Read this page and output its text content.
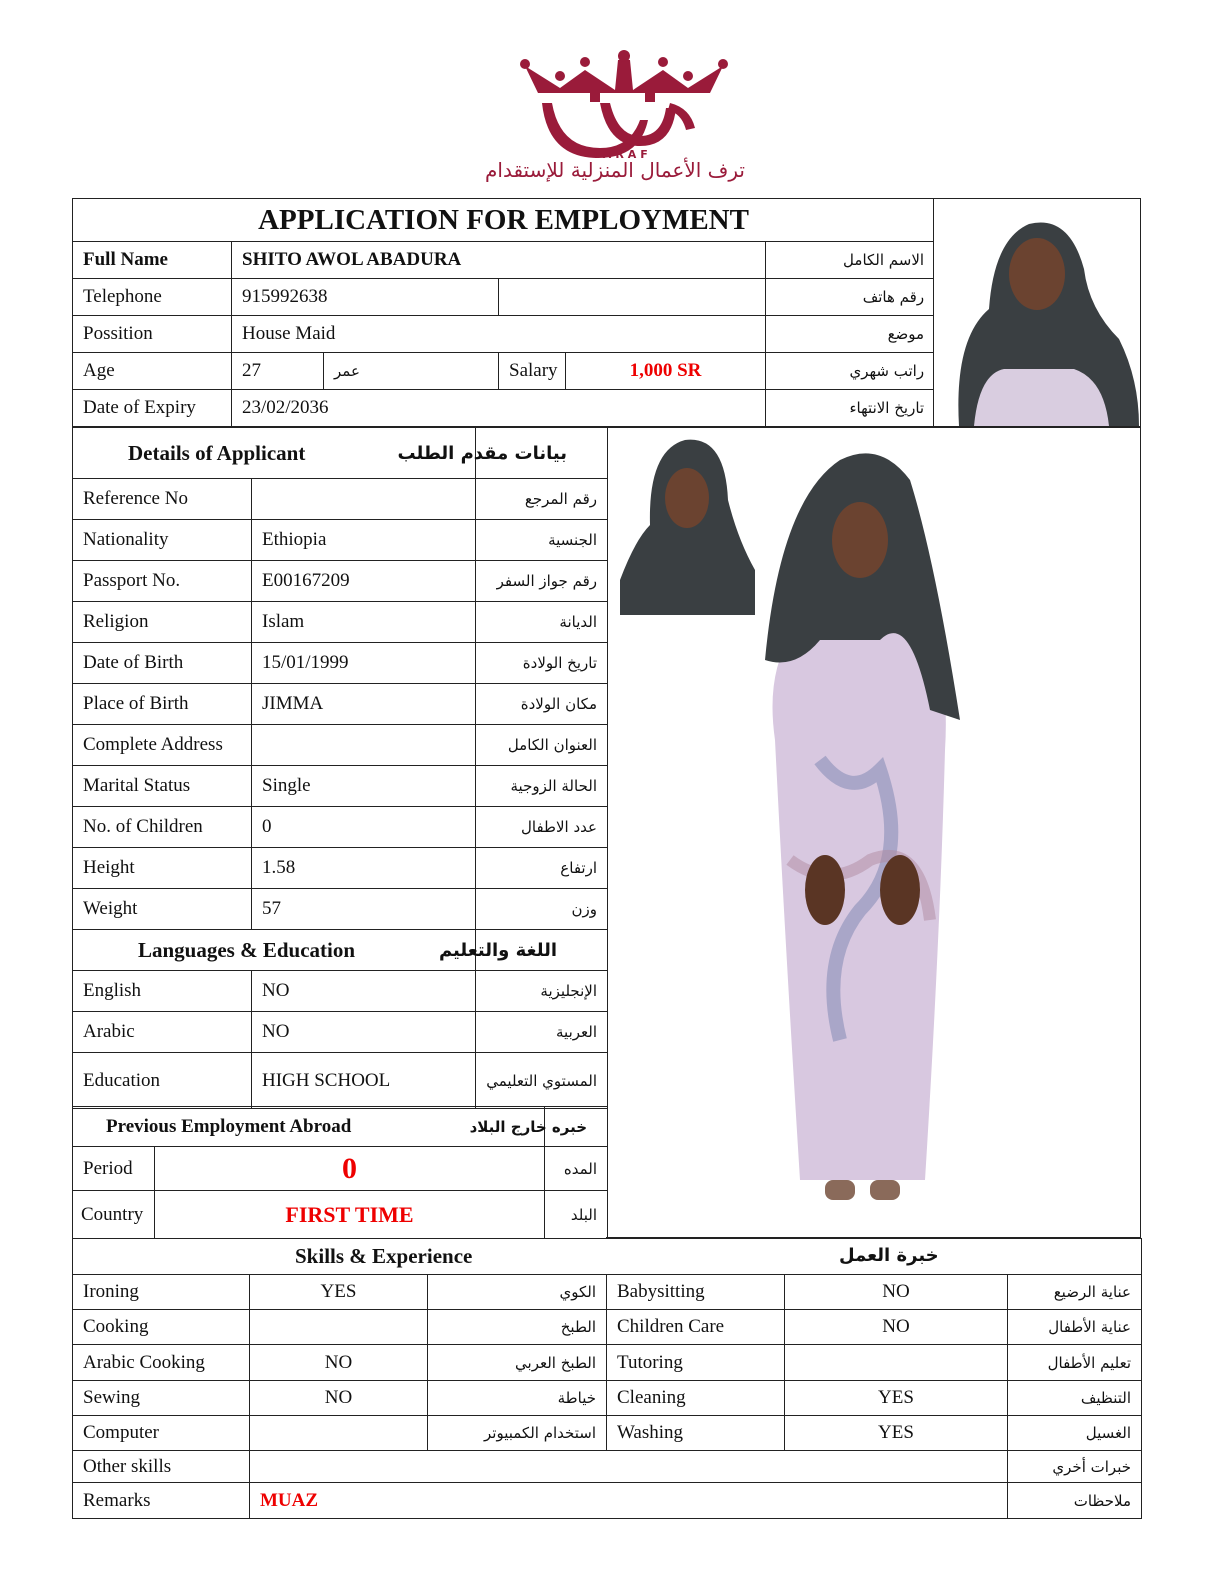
TARAF
ترف الأعمال المنزلية للإستقدام
APPLICATION FOR EMPLOYMENT					
Full Name	SHITO AWOL ABADURA				الاسم الكامل
Telephone	915992638				رقم هاتف
Possition	House Maid				موضع
Age	27	عمر	Salary	1,000 SR	راتب شهري
Date of Expiry	23/02/2036				تاريخ الانتهاء
Details of Applicant		بيانات مقدم الطلب
Reference No		رقم المرجع
Nationality	Ethiopia	الجنسية
Passport No.	E00167209	رقم جواز السفر
Religion	Islam	الديانة
Date of Birth	15/01/1999	تاريخ الولادة
Place of Birth	JIMMA	مكان الولادة
Complete Address		العنوان الكامل
Marital Status	Single	الحالة الزوجية
No. of Children	0	عدد الاطفال
Height	1.58	ارتفاع
Weight	57	وزن
Languages & Education		اللغة والتعليم
English	NO	الإنجليزية
Arabic	NO	العربية
Education	HIGH SCHOOL	المستوي التعليمي
Previous Employment Abroad		خبره خارج البلاد
Period	0	المده
Country	FIRST TIME	البلد
Skills & Experience خبرة العمل					

Ironing	YES	الكوي	Babysitting	NO	عناية الرضيع
Cooking		الطبخ	Children Care	NO	عناية الأطفال
Arabic Cooking	NO	الطبخ العربي	Tutoring		تعليم الأطفال
Sewing	NO	خياطة	Cleaning	YES	التنظيف
Computer		استخدام الكمبيوتر	Washing	YES	الغسيل
Other skills					خبرات أخري
Remarks	MUAZ				ملاحظات
